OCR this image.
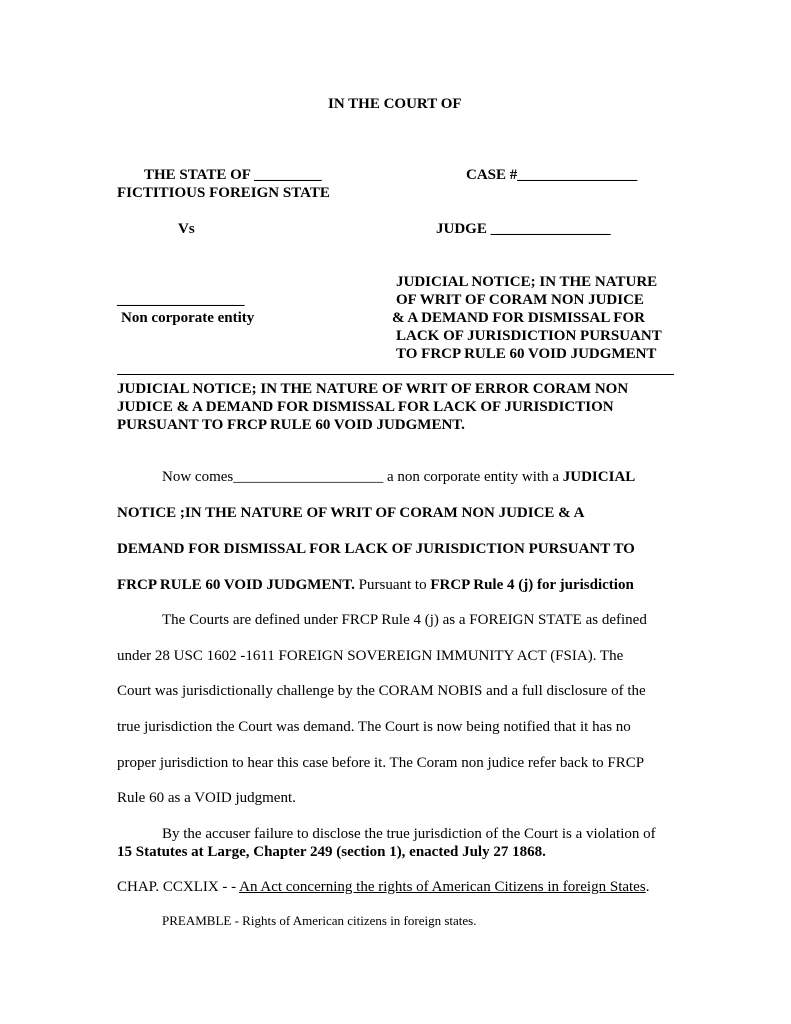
IN THE COURT OF
THE STATE OF _________
FICTITIOUS FOREIGN STATE
CASE #________________
Vs	JUDGE ________________
_________________
Non corporate entity
JUDICIAL NOTICE; IN THE NATURE
OF WRIT OF CORAM NON JUDICE
& A DEMAND FOR DISMISSAL FOR
LACK OF JURISDICTION PURSUANT
TO FRCP RULE 60 VOID JUDGMENT
JUDICIAL NOTICE; IN THE NATURE OF WRIT OF ERROR CORAM NON
JUDICE & A DEMAND FOR DISMISSAL FOR LACK OF JURISDICTION
PURSUANT TO FRCP RULE 60 VOID JUDGMENT.
Now comes____________________ a non corporate entity with a JUDICIAL
NOTICE ;IN THE NATURE OF WRIT OF CORAM NON JUDICE & A
DEMAND FOR DISMISSAL FOR LACK OF JURISDICTION PURSUANT TO
FRCP RULE 60 VOID JUDGMENT. Pursuant to FRCP Rule 4 (j) for jurisdiction
The Courts are defined under FRCP Rule 4 (j) as a FOREIGN STATE as defined
under 28 USC 1602 -1611 FOREIGN SOVEREIGN IMMUNITY ACT (FSIA). The
Court was jurisdictionally challenge by the CORAM NOBIS and a full disclosure of the
true jurisdiction the Court was demand. The Court is now being notified that it has no
proper jurisdiction to hear this case before it. The Coram non judice refer back to FRCP
Rule 60 as a VOID judgment.
By the accuser failure to disclose the true jurisdiction of the Court is a violation of
15 Statutes at Large, Chapter 249 (section 1), enacted July 27 1868.
CHAP. CCXLIX - - An Act concerning the rights of American Citizens in foreign States.
PREAMBLE - Rights of American citizens in foreign states.
